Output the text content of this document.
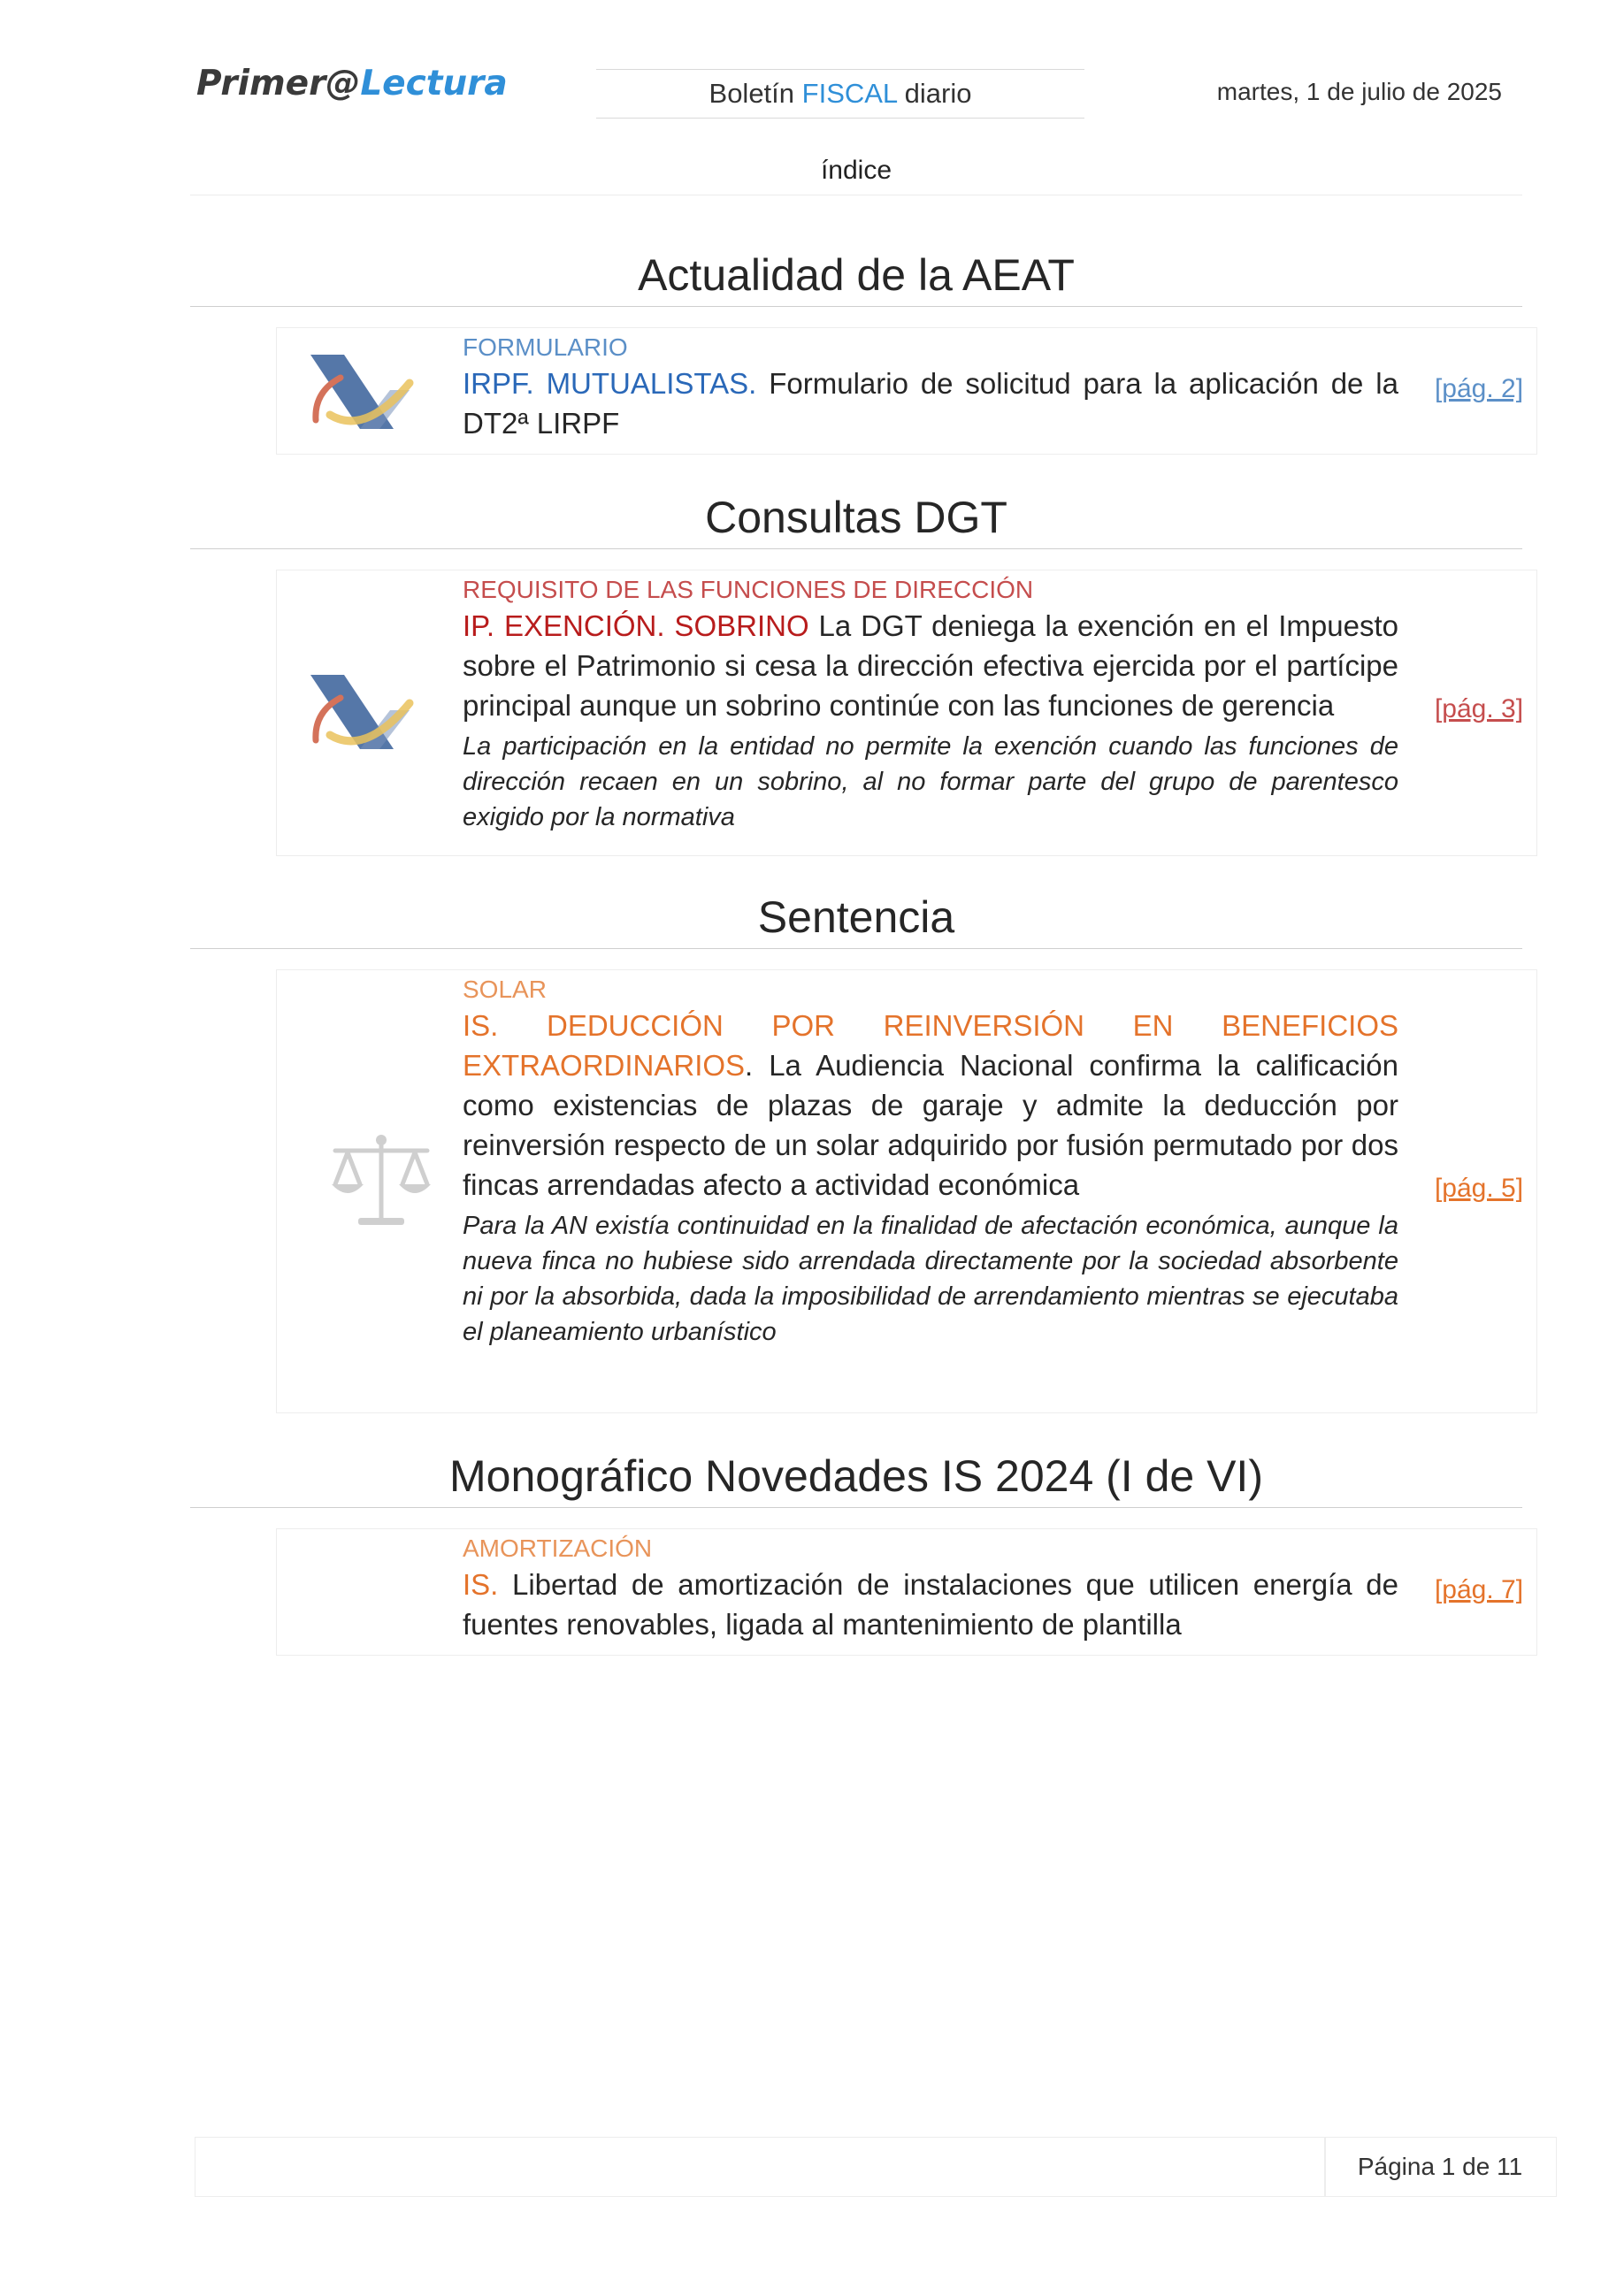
Primer@Lectura	Boletín FISCAL diario	martes, 1 de julio de 2025
índice
Actualidad de la AEAT

FORMULARIO

IRPF. MUTUALISTAS. Formulario de solicitud para la aplicación de la DT2ª LIRPF

[pág. 2]
Consultas DGT

REQUISITO DE LAS FUNCIONES DE DIRECCIÓN

IP. EXENCIÓN. SOBRINO La DGT deniega la exención en el Impuesto sobre el Patrimonio si cesa la dirección efectiva ejercida por el partícipe principal aunque un sobrino continúe con las funciones de gerencia

La participación en la entidad no permite la exención cuando las funciones de dirección recaen en un sobrino, al no formar parte del grupo de parentesco exigido por la normativa

[pág. 3]
Sentencia

SOLAR

IS. DEDUCCIÓN POR REINVERSIÓN EN BENEFICIOS EXTRAORDINARIOS. La Audiencia Nacional confirma la calificación como existencias de plazas de garaje y admite la deducción por reinversión respecto de un solar adquirido por fusión permutado por dos fincas arrendadas afecto a actividad económica

Para la AN existía continuidad en la finalidad de afectación económica, aunque la nueva finca no hubiese sido arrendada directamente por la sociedad absorbente ni por la absorbida, dada la imposibilidad de arrendamiento mientras se ejecutaba el planeamiento urbanístico

[pág. 5]
Monográfico Novedades IS 2024 (I de VI)

AMORTIZACIÓN

IS. Libertad de amortización de instalaciones que utilicen energía de fuentes renovables, ligada al mantenimiento de plantilla

[pág. 7]
Página 1 de 11
